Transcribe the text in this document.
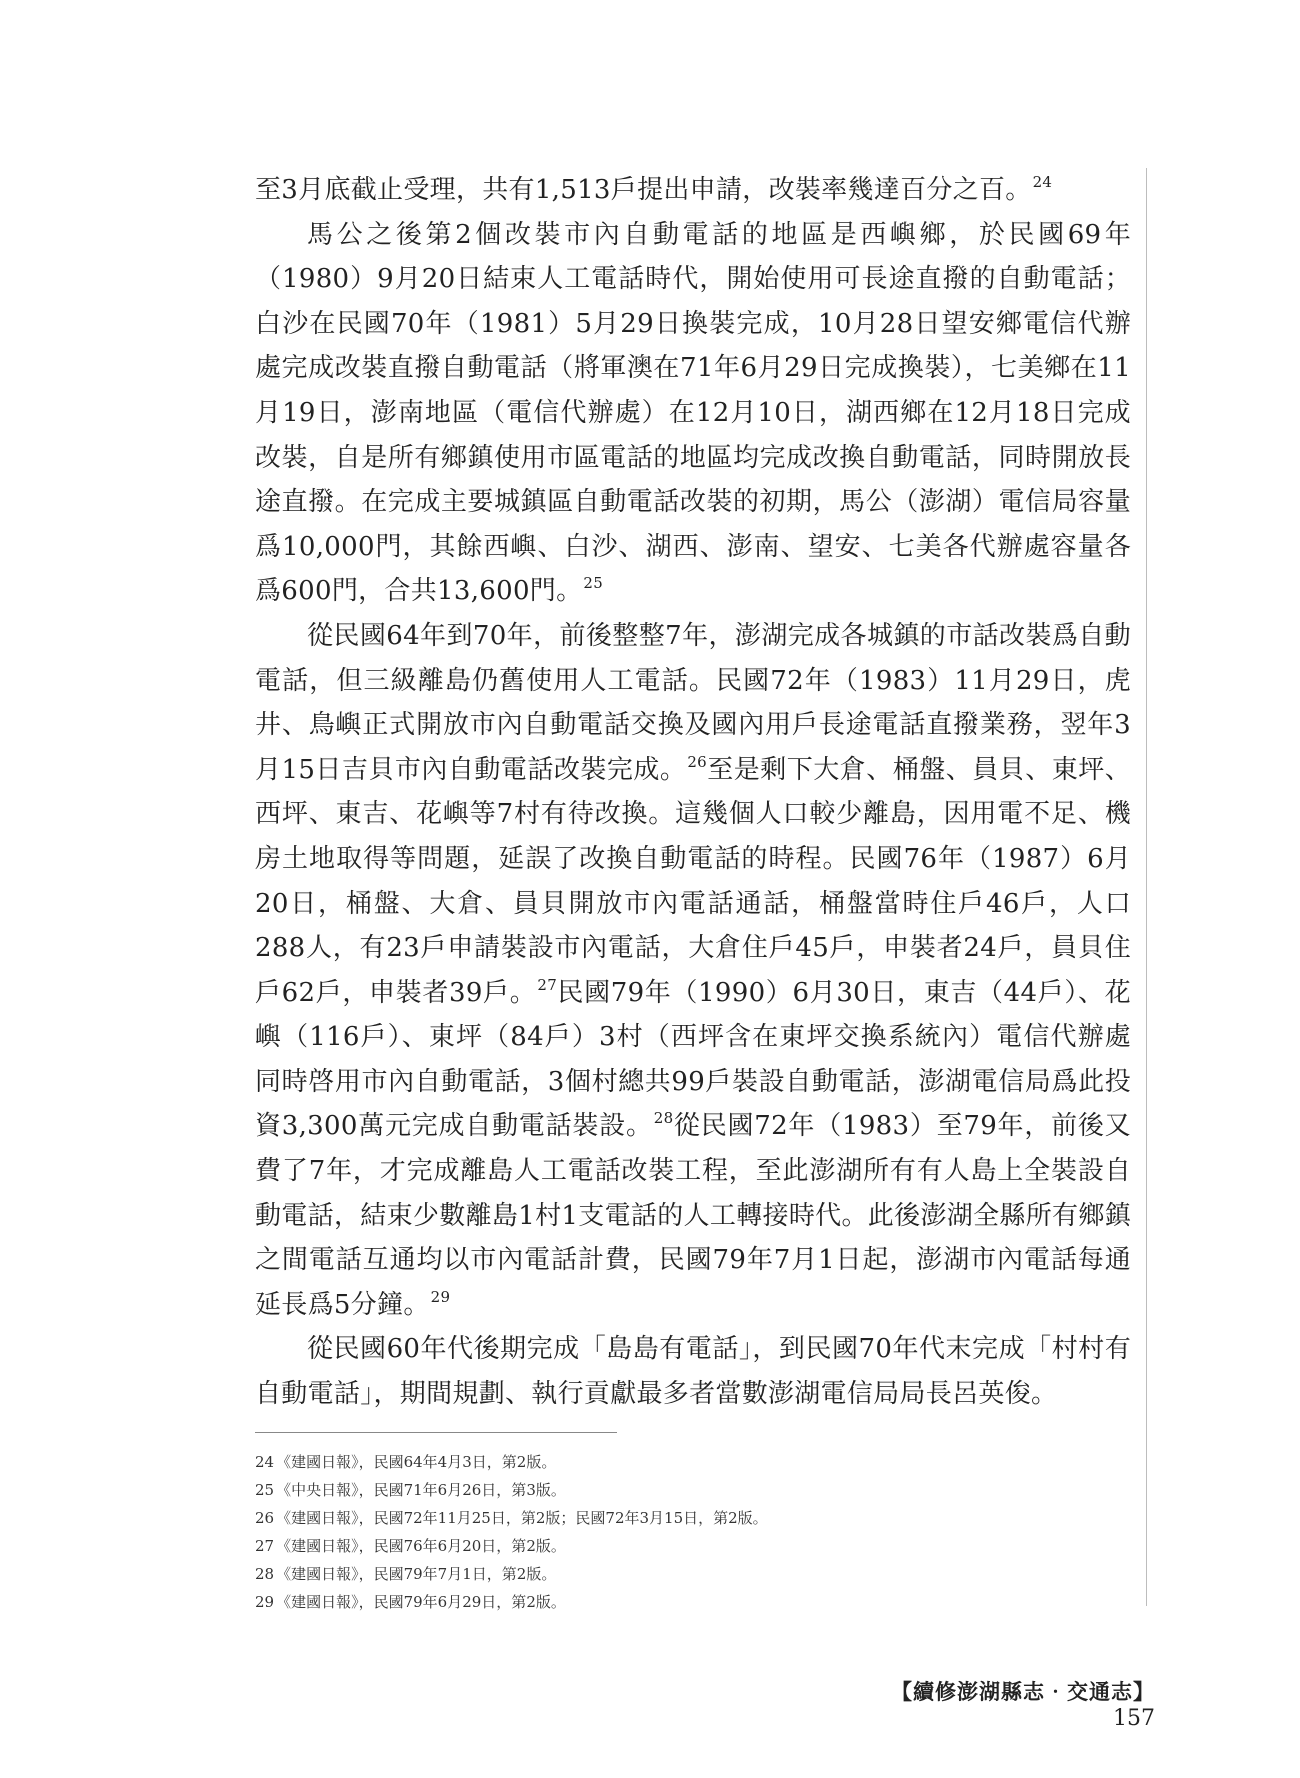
至3月底截止受理，共有1,513戶提出申請，改裝率幾達百分之百。$^{24}$

馬公之後第2個改裝市內自動電話的地區是西嶼鄉，於民國69年（1980）9月20日結束人工電話時代，開始使用可長途直撥的自動電話；白沙在民國70年（1981）5月29日換裝完成，10月28日望安鄉電信代辦處完成改裝直撥自動電話（將軍澳在71年6月29日完成換裝），七美鄉在11月19日，澎南地區（電信代辦處）在12月10日，湖西鄉在12月18日完成改裝，自是所有鄉鎮使用市區電話的地區均完成改換自動電話，同時開放長途直撥。在完成主要城鎮區自動電話改裝的初期，馬公（澎湖）電信局容量爲10,000門，其餘西嶼、白沙、湖西、澎南、望安、七美各代辦處容量各爲600門，合共13,600門。$^{25}$

從民國64年到70年，前後整整7年，澎湖完成各城鎮的市話改裝爲自動電話，但三級離島仍舊使用人工電話。民國72年（1983）11月29日，虎井、鳥嶼正式開放市內自動電話交換及國內用戶長途電話直撥業務，翌年3月15日吉貝市內自動電話改裝完成。$^{26}$至是剩下大倉、桶盤、員貝、東坪、西坪、東吉、花嶼等7村有待改換。這幾個人口較少離島，因用電不足、機房土地取得等問題，延誤了改換自動電話的時程。民國76年（1987）6月20日，桶盤、大倉、員貝開放市內電話通話，桶盤當時住戶46戶，人口288人，有23戶申請裝設市內電話，大倉住戶45戶，申裝者24戶，員貝住戶62戶，申裝者39戶。$^{27}$民國79年（1990）6月30日，東吉（44戶）、花嶼（116戶）、東坪（84戶）3村（西坪含在東坪交換系統內）電信代辦處同時啓用市內自動電話，3個村總共99戶裝設自動電話，澎湖電信局爲此投資3,300萬元完成自動電話裝設。$^{28}$從民國72年（1983）至79年，前後又費了7年，才完成離島人工電話改裝工程，至此澎湖所有有人島上全裝設自動電話，結束少數離島1村1支電話的人工轉接時代。此後澎湖全縣所有鄉鎮之間電話互通均以市內電話計費，民國79年7月1日起，澎湖市內電話每通延長爲5分鐘。$^{29}$

從民國60年代後期完成「島島有電話」，到民國70年代末完成「村村有自動電話」，期間規劃、執行貢獻最多者當數澎湖電信局局長呂英俊。

24 《建國日報》，民國64年4月3日，第2版。
25 《中央日報》，民國71年6月26日，第3版。
26 《建國日報》，民國72年11月25日，第2版；民國72年3月15日，第2版。
27 《建國日報》，民國76年6月20日，第2版。
28 《建國日報》，民國79年7月1日，第2版。
29 《建國日報》，民國79年6月29日，第2版。
【續修澎湖縣志‧交通志】157
